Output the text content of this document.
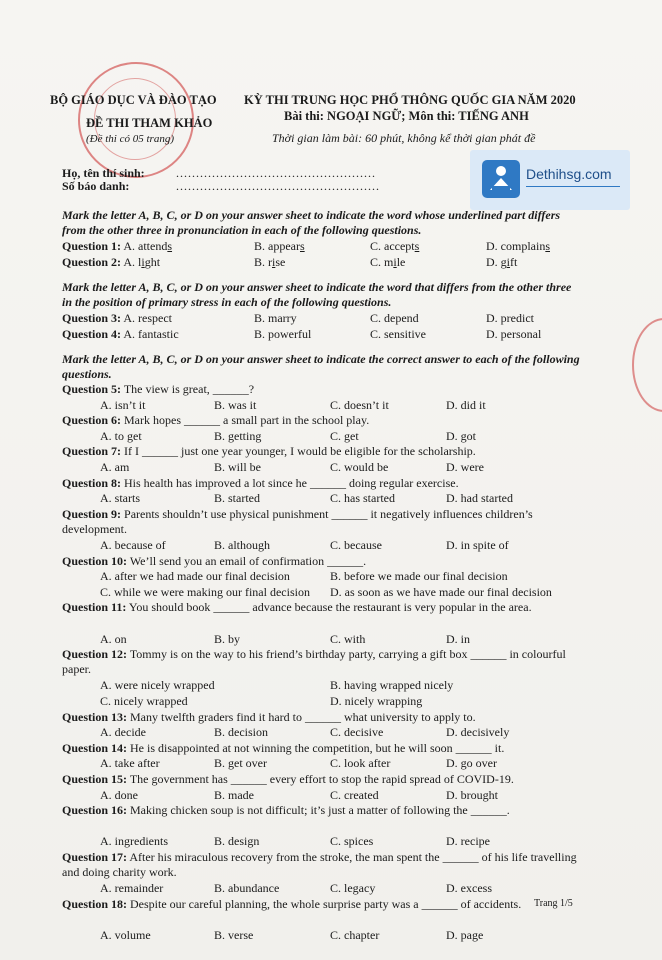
Dethihsg.com
BỘ GIÁO DỤC VÀ ĐÀO TẠO
ĐỀ THI THAM KHẢO
(Đề thi có 05 trang)
KỲ THI TRUNG HỌC PHỔ THÔNG QUỐC GIA NĂM 2020
Bài thi: NGOẠI NGỮ; Môn thi: TIẾNG ANH
Thời gian làm bài: 60 phút, không kể thời gian phát đề
Họ, tên thí sinh:	..................................................
Số báo danh:	...................................................
Mark the letter A, B, C, or D on your answer sheet to indicate the word whose underlined part differs from the other three in pronunciation in each of the following questions.
Question 1: A. attends	B. appears	C. accepts	D. complains
Question 2: A. light	B. rise	C. mile	D. gift
Mark the letter A, B, C, or D on your answer sheet to indicate the word that differs from the other three in the position of primary stress in each of the following questions.
Question 3: A. respect	B. marry	C. depend	D. predict
Question 4: A. fantastic	B. powerful	C. sensitive	D. personal
Mark the letter A, B, C, or D on your answer sheet to indicate the correct answer to each of the following questions.
Question 5: The view is great, ______?
A. isn’t it	B. was it	C. doesn’t it	D. did it
Question 6: Mark hopes ______ a small part in the school play.
A. to get	B. getting	C. get	D. got
Question 7: If I ______ just one year younger, I would be eligible for the scholarship.
A. am	B. will be	C. would be	D. were
Question 8: His health has improved a lot since he ______ doing regular exercise.
A. starts	B. started	C. has started	D. had started
Question 9: Parents shouldn’t use physical punishment ______ it negatively influences children’s development.
A. because of	B. although	C. because	D. in spite of
Question 10: We’ll send you an email of confirmation ______.
A. after we had made our final decision	B. before we made our final decision
C. while we were making our final decision D. as soon as we have made our final decision
Question 11: You should book ______ advance because the restaurant is very popular in the area.
A. on	B. by	C. with	D. in
Question 12: Tommy is on the way to his friend’s birthday party, carrying a gift box ______ in colourful paper.
A. were nicely wrapped	B. having wrapped nicely
C. nicely wrapped	D. nicely wrapping
Question 13: Many twelfth graders find it hard to ______ what university to apply to.
A. decide	B. decision	C. decisive	D. decisively
Question 14: He is disappointed at not winning the competition, but he will soon ______ it.
A. take after	B. get over	C. look after	D. go over
Question 15: The government has ______ every effort to stop the rapid spread of COVID-19.
A. done	B. made	C. created	D. brought
Question 16: Making chicken soup is not difficult; it’s just a matter of following the ______.
A. ingredients	B. design	C. spices	D. recipe
Question 17: After his miraculous recovery from the stroke, the man spent the ______ of his life travelling and doing charity work.
A. remainder	B. abundance	C. legacy	D. excess
Question 18: Despite our careful planning, the whole surprise party was a ______ of accidents.
A. volume	B. verse	C. chapter	D. page
Trang 1/5
